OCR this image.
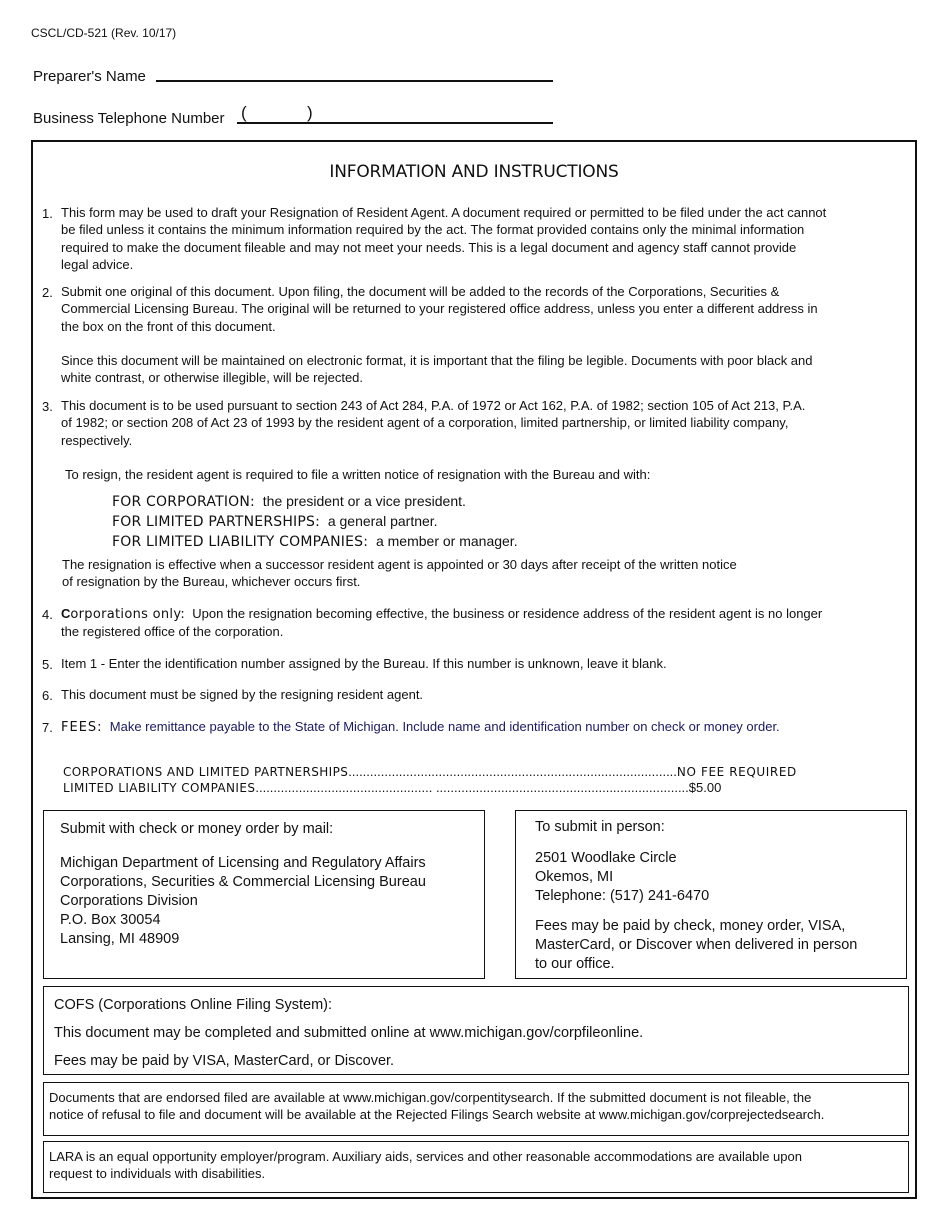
CSCL/CD-521 (Rev. 10/17)
Preparer's Name
Business Telephone Number (	)
INFORMATION AND INSTRUCTIONS
1. This form may be used to draft your Resignation of Resident Agent. A document required or permitted to be filed under the act cannot
be filed unless it contains the minimum information required by the act. The format provided contains only the minimal information
required to make the document fileable and may not meet your needs. This is a legal document and agency staff cannot provide
legal advice.
2. Submit one original of this document. Upon filing, the document will be added to the records of the Corporations, Securities &
Commercial Licensing Bureau. The original will be returned to your registered office address, unless you enter a different address in
the box on the front of this document.
Since this document will be maintained on electronic format, it is important that the filing be legible. Documents with poor black and
white contrast, or otherwise illegible, will be rejected.
3. This document is to be used pursuant to section 243 of Act 284, P.A. of 1972 or Act 162, P.A. of 1982; section 105 of Act 213, P.A.
of 1982; or section 208 of Act 23 of 1993 by the resident agent of a corporation, limited partnership, or limited liability company,
respectively.
To resign, the resident agent is required to file a written notice of resignation with the Bureau and with:
FOR CORPORATION: the president or a vice president.
FOR LIMITED PARTNERSHIPS: a general partner.
FOR LIMITED LIABILITY COMPANIES: a member or manager.
The resignation is effective when a successor resident agent is appointed or 30 days after receipt of the written notice
of resignation by the Bureau, whichever occurs first.
4. Corporations only: Upon the resignation becoming effective, the business or residence address of the resident agent is no longer
the registered office of the corporation.
5. Item 1 - Enter the identification number assigned by the Bureau. If this number is unknown, leave it blank.
6. This document must be signed by the resigning resident agent.
7. FEES: Make remittance payable to the State of Michigan. Include name and identification number on check or money order.
CORPORATIONS AND LIMITED PARTNERSHIPS...........................................................................................NO FEE REQUIRED
LIMITED LIABILITY COMPANIES................................................. ......................................................................$5.00
Submit with check or money order by mail:
Michigan Department of Licensing and Regulatory Affairs
Corporations, Securities & Commercial Licensing Bureau
Corporations Division
P.O. Box 30054
Lansing, MI 48909
To submit in person:
2501 Woodlake Circle
Okemos, MI
Telephone: (517) 241-6470
Fees may be paid by check, money order, VISA,
MasterCard, or Discover when delivered in person
to our office.
COFS (Corporations Online Filing System):
This document may be completed and submitted online at www.michigan.gov/corpfileonline.
Fees may be paid by VISA, MasterCard, or Discover.
Documents that are endorsed filed are available at www.michigan.gov/corpentitysearch. If the submitted document is not fileable, the
notice of refusal to file and document will be available at the Rejected Filings Search website at www.michigan.gov/corprejectedsearch.
LARA is an equal opportunity employer/program. Auxiliary aids, services and other reasonable accommodations are available upon
request to individuals with disabilities.
